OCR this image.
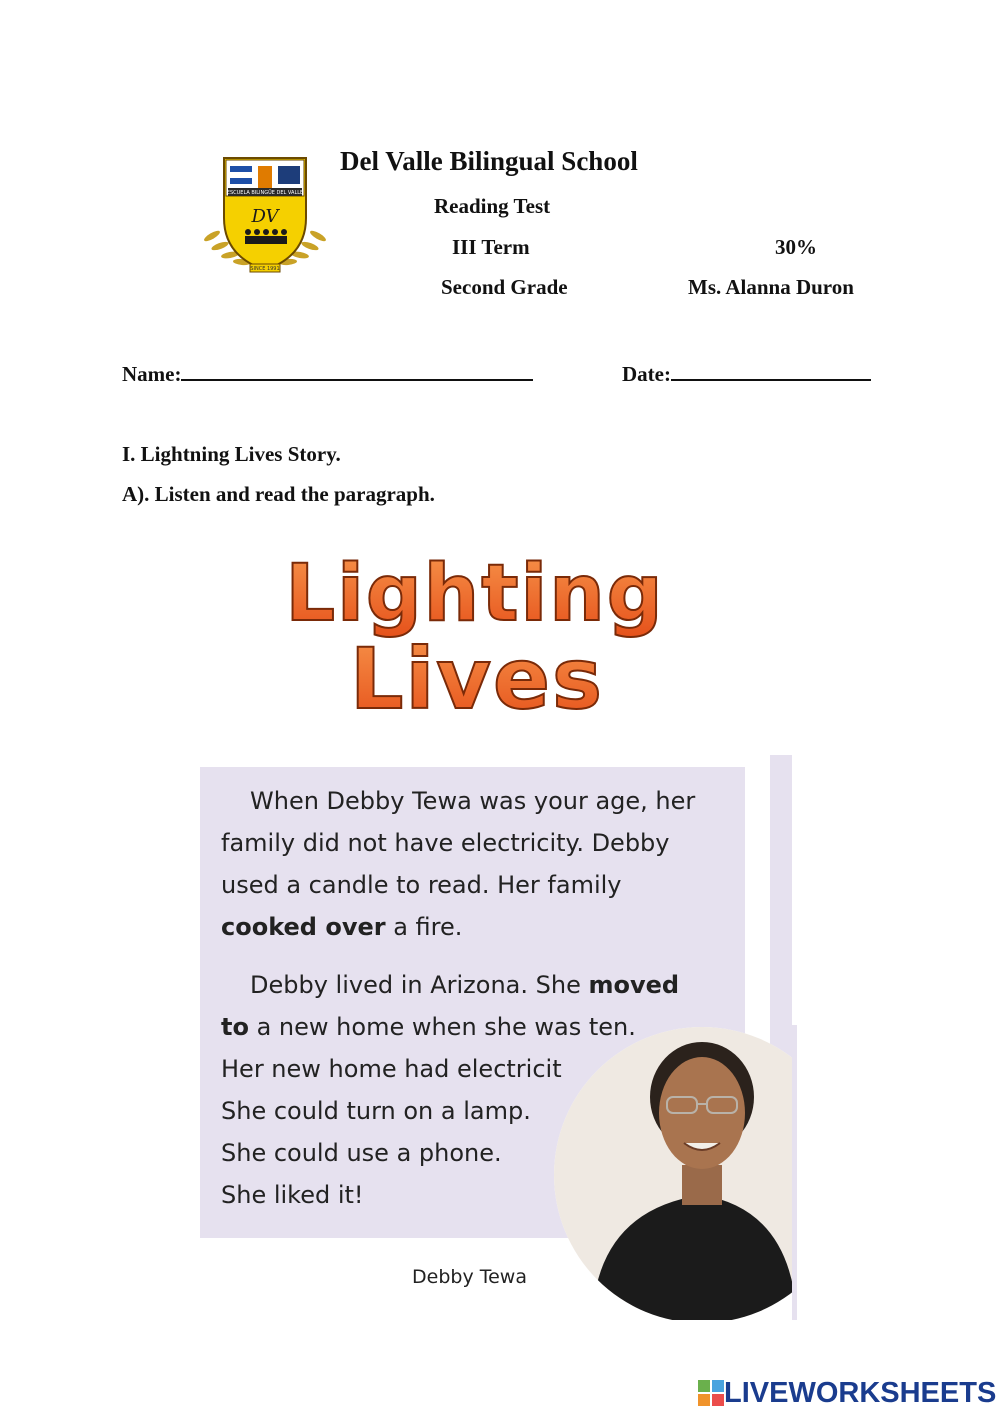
ESCUELA BILINGÜE DEL VALLE
DV
SINCE 1991
Del Valle Bilingual School
Reading Test
III Term	30%
Second Grade	Ms. Alanna Duron
Name:	Date:
I. Lightning Lives Story.
A). Listen and read the paragraph.
Lighting
Lives
When Debby Tewa was your age, her
family did not have electricity. Debby
used a candle to read. Her family
cooked over a fire.
Debby lived in Arizona. She moved
to a new home when she was ten.
Her new home had electricit
She could turn on a lamp.
She could use a phone.
She liked it!
Debby Tewa
LIVEWORKSHEETS
